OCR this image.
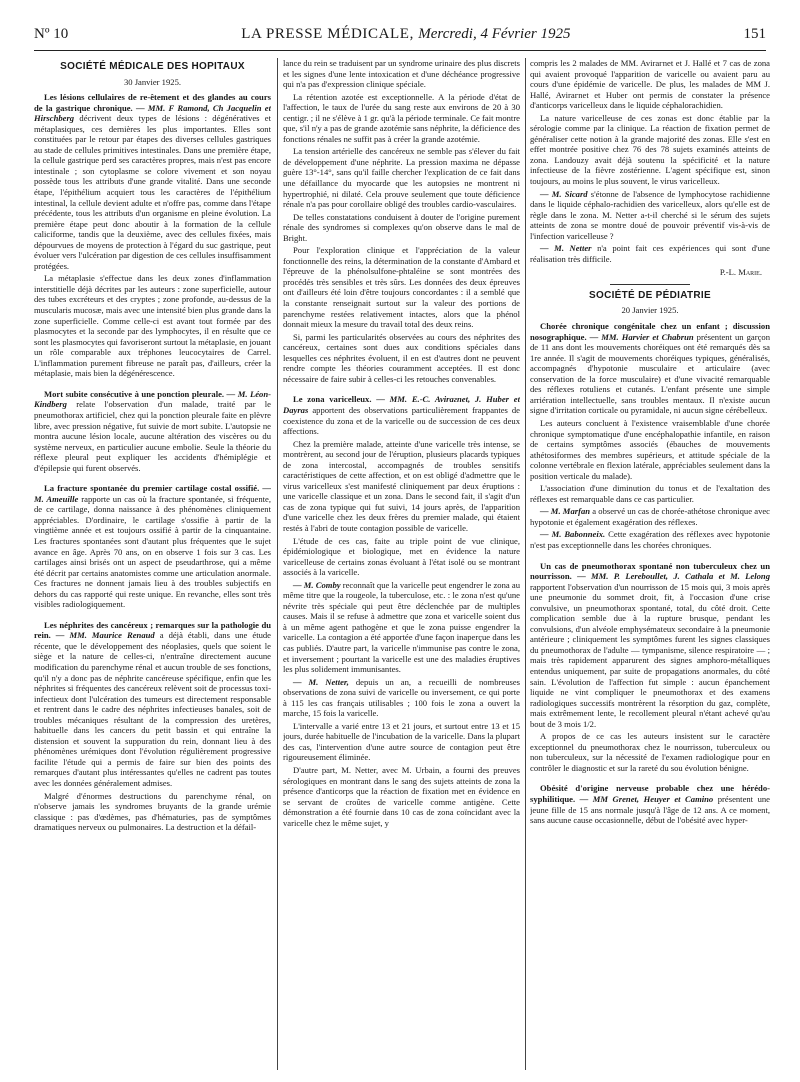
Nº 10	LA PRESSE MÉDICALE, Mercredi, 4 Février 1925	151
SOCIÉTÉ MÉDICALE DES HOPITAUX
30 Janvier 1925.

Les lésions cellulaires de re-êtement et des glandes au cours de la gastrique chronique. — MM. F Ramond, Ch Jacquelin et Hirschberg décrivent deux types de lésions : dégénératives et métaplasiques, ces dernières les plus importantes. Elles sont constituées par le retour par étapes des diverses cellules gastriques au stade de cellules primitives intestinales. Dans une première étape, la cellule gastrique perd ses caractères propres, mais n'est pas encore intestinale ; son cytoplasme se colore vivement et son noyau possède tous les attributs d'une grande vitalité. Dans une seconde étape, l'épithélium acquiert tous les caractères de l'épithélium intestinal, la cellule devient adulte et n'offre pas, comme dans l'étape précédente, tous les attributs d'un organisme en pleine évolution. La première étape peut donc aboutir à la formation de la cellule caliciforme, tandis que la deuxième, avec des cellules fixées, mais dépourvues de moyens de protection à l'égard du suc gastrique, peut évoluer vers l'ulcération par digestion de ces cellules insuffisamment protégées.

La métaplasie s'effectue dans les deux zones d'inflammation interstitielle déjà décrites par les auteurs : zone superficielle, autour des tubes excréteurs et des cryptes ; zone profonde, au-dessus de la muscularis mucosæ, mais avec une intensité bien plus grande dans la zone superficielle. Comme celle-ci est avant tout formée par des plasmocytes et la seconde par des lymphocytes, il en résulte que ce sont les plasmocytes qui favoriseront surtout la métaplasie, en jouant un rôle comparable aux tréphones leucocytaires de Carrel. L'inflammation purement fibreuse ne paraît pas, d'ailleurs, créer la métaplasie, mais bien la dégénérescence.

Mort subite consécutive à une ponction pleurale. — M. Léon-Kindberg relate l'observation d'un malade, traité par le pneumothorax artificiel, chez qui la ponction pleurale faite en plèvre libre, avec pression négative, fut suivie de mort subite. L'autopsie ne montra aucune lésion locale, aucune altération des viscères ou du système nerveux, en particulier aucune embolie. Seule la théorie du réflexe pleural peut expliquer les accidents d'hémiplégie et d'épilepsie qui furent observés.

La fracture spontanée du premier cartilage costal ossifié. — M. Ameuille rapporte un cas où la fracture spontanée, si fréquente, de ce cartilage, donna naissance à des phénomènes cliniquement appréciables. D'ordinaire, le cartilage s'ossifie à partir de la vingtième année et est toujours ossifié à partir de la cinquantaine. Les fractures spontanées sont d'autant plus fréquentes que le sujet avance en âge. Après 70 ans, on en observe 1 fois sur 3 cas. Les cartilages ainsi brisés ont un aspect de pseudarthrose, qui a même été décrit par certains anatomistes comme une articulation anormale. Ces fractures ne donnent jamais lieu à des troubles subjectifs en dehors du cas rapporté qui reste unique. En revanche, elles sont très visibles radiologiquement.

Les néphrites des cancéreux ; remarques sur la pathologie du rein. — MM. Maurice Renaud a déjà établi, dans une étude récente, que le développement des néoplasies, quels que soient le siège et la nature de celles-ci, n'entraîne directement aucune modification du parenchyme rénal et aucun trouble de ses fonctions, qu'il n'y a donc pas de néphrite cancéreuse spécifique, enfin que les néphrites si fréquentes des cancéreux relèvent soit de processus toxi-infectieux dont l'ulcération des tumeurs est directement responsable et rentrent dans le cadre des néphrites infectieuses banales, soit de troubles mécaniques résultant de la compression des uretères, habituelle dans les cancers du petit bassin et qui entraîne la distension et souvent la suppuration du rein, donnant lieu à des phénomènes urémiques dont l'évolution régulièrement progressive facilite l'étude qui a permis de faire sur bien des points des remarques d'autant plus intéressantes qu'elles ne cadrent pas toutes avec les données généralement admises.

Malgré d'énormes destructions du parenchyme rénal, on n'observe jamais les syndromes bruyants de la grande urémie classique : pas d'œdèmes, pas d'hématuries, pas de symptômes dramatiques nerveux ou pulmonaires. La destruction et la défail-

lance du rein se traduisent par un syndrome urinaire des plus discrets et les signes d'une lente intoxication et d'une déchéance progressive qui n'a pas d'expression clinique spéciale.

La rétention azotée est exceptionnelle. A la période d'état de l'affection, le taux de l'urée du sang reste aux environs de 20 à 30 centigr. ; il ne s'élève à 1 gr. qu'à la période terminale. Ce fait montre que, s'il n'y a pas de grande azotémie sans néphrite, la déficience des fonctions rénales ne suffit pas à créer la grande azotémie.

La tension artérielle des cancéreux ne semble pas s'élever du fait de développement d'une néphrite. La pression maxima ne dépasse guère 13°-14°, sans qu'il faille chercher l'explication de ce fait dans une défaillance du myocarde que les autopsies ne montrent ni hypertrophié, ni dilaté. Cela prouve seulement que toute déficience rénale n'a pas pour corollaire obligé des troubles cardio-vasculaires.

De telles constatations conduisent à douter de l'origine purement rénale des syndromes si complexes qu'on observe dans le mal de Bright.

Pour l'exploration clinique et l'appréciation de la valeur fonctionnelle des reins, la détermination de la constante d'Ambard et l'épreuve de la phénolsulfone-phtaléine se sont montrées des procédés très sensibles et très sûrs. Les données des deux épreuves ont d'ailleurs été loin d'être toujours concordantes : il a semblé que la constante renseignait surtout sur la valeur des portions de parenchyme restées relativement intactes, alors que la phénol donnait mieux la mesure du travail total des deux reins.

Si, parmi les particularités observées au cours des néphrites des cancéreux, certaines sont dues aux conditions spéciales dans lesquelles ces néphrites évoluent, il en est d'autres dont ne peuvent rendre compte les théories couramment acceptées. Il est donc nécessaire de faire subir à celles-ci les retouches convenables.

Le zona varicelleux. — MM. E.-C. Avirагnet, J. Huber et Dayras apportent des observations particulièrement frappantes de coexistence du zona et de la varicelle ou de succession de ces deux affections.

Chez la première malade, atteinte d'une varicelle très intense, se montrèrent, au second jour de l'éruption, plusieurs placards typiques de zona intercostal, accompagnés de troubles sensitifs caractéristiques de cette affection, et on est obligé d'admettre que le virus varicelleux s'est manifesté cliniquement par deux éruptions : une varicelle classique et un zona. Dans le second fait, il s'agit d'un cas de zona typique qui fut suivi, 14 jours après, de l'apparition d'une varicelle chez les deux frères du premier malade, qui étaient restés à l'abri de toute contagion possible de varicelle.

L'étude de ces cas, faite au triple point de vue clinique, épidémiologique et biologique, met en évidence la nature varicelleuse de certains zonas évoluant à l'état isolé ou se montrant associés à la varicelle.

— M. Comby reconnaît que la varicelle peut engendrer le zona au même titre que la rougeole, la tuberculose, etc. : le zona n'est qu'une névrite très spéciale qui peut être déclenchée par de multiples causes. Mais il se refuse à admettre que zona et varicelle soient dus à un même agent pathogène et que le zona puisse engendrer la varicelle. La contagion a été apportée d'une façon inaperçue dans les cas publiés. D'autre part, la varicelle n'immunise pas contre le zona, et inversement ; pourtant la varicelle est une des maladies éruptives les plus solidement immunisantes.

— M. Netter, depuis un an, a recueilli de nombreuses observations de zona suivi de varicelle ou inversement, ce qui porte à 115 les cas français utilisables ; 100 fois le zona a ouvert la marche, 15 fois la varicelle.

L'intervalle a varié entre 13 et 21 jours, et surtout entre 13 et 15 jours, durée habituelle de l'incubation de la varicelle. Dans la plupart des cas, l'intervention d'une autre source de contagion peut être rigoureusement éliminée.

D'autre part, M. Netter, avec M. Urbain, a fourni des preuves sérologiques en montrant dans le sang des sujets atteints de zona la présence d'anticorps que la réaction de fixation met en évidence en se servant de croûtes de varicelle comme antigène. Cette démonstration a été fournie dans 10 cas de zona coïncidant avec la varicelle chez le même sujet, y

compris les 2 malades de MM. Avirагnet et J. Hallé et 7 cas de zona qui avaient provoqué l'apparition de varicelle ou avaient paru au cours d'une épidémie de varicelle. De plus, les malades de MM J. Hallé, Avirагnet et Huber ont permis de constater la présence d'anticorps varicelleux dans le liquide céphalorachidien.

La nature varicelleuse de ces zonas est donc établie par la sérologie comme par la clinique. La réaction de fixation permet de généraliser cette notion à la grande majorité des zonas. Elle s'est en effet montrée positive chez 76 des 78 sujets examinés atteints de zona. Landouzy avait déjà soutenu la spécificité et la nature infectieuse de la fièvre zostérienne. L'agent spécifique est, sinon toujours, au moins le plus souvent, le virus varicelleux.

— M. Sicard s'étonne de l'absence de lymphocytose rachidienne dans le liquide céphalo-rachidien des varicelleux, alors qu'elle est de règle dans le zona. M. Netter a-t-il cherché si le sérum des sujets atteints de zona se montre doué de pouvoir préventif vis-à-vis de l'infection varicelleuse ?

— M. Netter n'a point fait ces expériences qui sont d'une réalisation très difficile.

P.-L. Marie.
SOCIÉTÉ DE PÉDIATRIE
20 Janvier 1925.

Chorée chronique congénitale chez un enfant ; discussion nosographique. — MM. Harvier et Chabrun présentent un garçon de 11 ans dont les mouvements choréiques ont été remarqués dès sa 1re année. Il s'agit de mouvements choréiques typiques, généralisés, accompagnés d'hypotonie musculaire et articulaire (avec conservation de la force musculaire) et d'une vivacité remarquable des réflexes rotuliens et cutanés. L'enfant présente une simple arriération intellectuelle, sans troubles mentaux. Il n'existe aucun signe d'irritation corticale ou pyramidale, ni aucun signe cérébelleux.

Les auteurs concluent à l'existence vraisemblable d'une chorée chronique symptomatique d'une encéphalopathie infantile, en raison de certains symptômes associés (ébauches de mouvements athétosiformes des membres supérieurs, et attitude spéciale de la colonne vertébrale en flexion latérale, appréciables seulement dans la position verticale du malade).

L'association d'une diminution du tonus et de l'exaltation des réflexes est remarquable dans ce cas particulier.

— M. Marfan a observé un cas de chorée-athétose chronique avec hypotonie et également exagération des réflexes.

— M. Babonneix. Cette exagération des réflexes avec hypotonie n'est pas exceptionnelle dans les chorées chroniques.

Un cas de pneumothorax spontané non tuberculeux chez un nourrisson. — MM. P. Lereboullet, J. Cathala et M. Lelong rapportent l'observation d'un nourrisson de 15 mois qui, 3 mois après une pneumonie du sommet droit, fit, à l'occasion d'une crise convulsive, un pneumothorax spontané, total, du côté droit. Cette complication semble due à la rupture brusque, pendant les convulsions, d'un alvéole emphysémateux secondaire à la pneumonie antérieure ; cliniquement les symptômes furent les signes classiques du pneumothorax de l'adulte — tympanisme, silence respiratoire — ; mais très rapidement apparurent des signes amphoro-métalliques entendus uniquement, par suite de propagations anormales, du côté sain. L'évolution de l'affection fut simple : aucun épanchement liquide ne vint compliquer le pneumothorax et des examens radiologiques successifs montrèrent la résorption du gaz, complète, mais extrêmement lente, le recollement pleural n'étant achevé qu'au bout de 3 mois 1/2.

A propos de ce cas les auteurs insistent sur le caractère exceptionnel du pneumothorax chez le nourrisson, tuberculeux ou non tuberculeux, sur la nécessité de l'examen radiologique pour en contrôler le diagnostic et sur la rareté du sou évolution bénigne.

Obésité d'origine nerveuse probable chez une hérédo-syphilitique. — MM Grenet, Heuyer et Camino présentent une jeune fille de 15 ans normale jusqu'à l'âge de 12 ans. A ce moment, sans aucune cause occasionnelle, début de l'obésité avec hyper-
